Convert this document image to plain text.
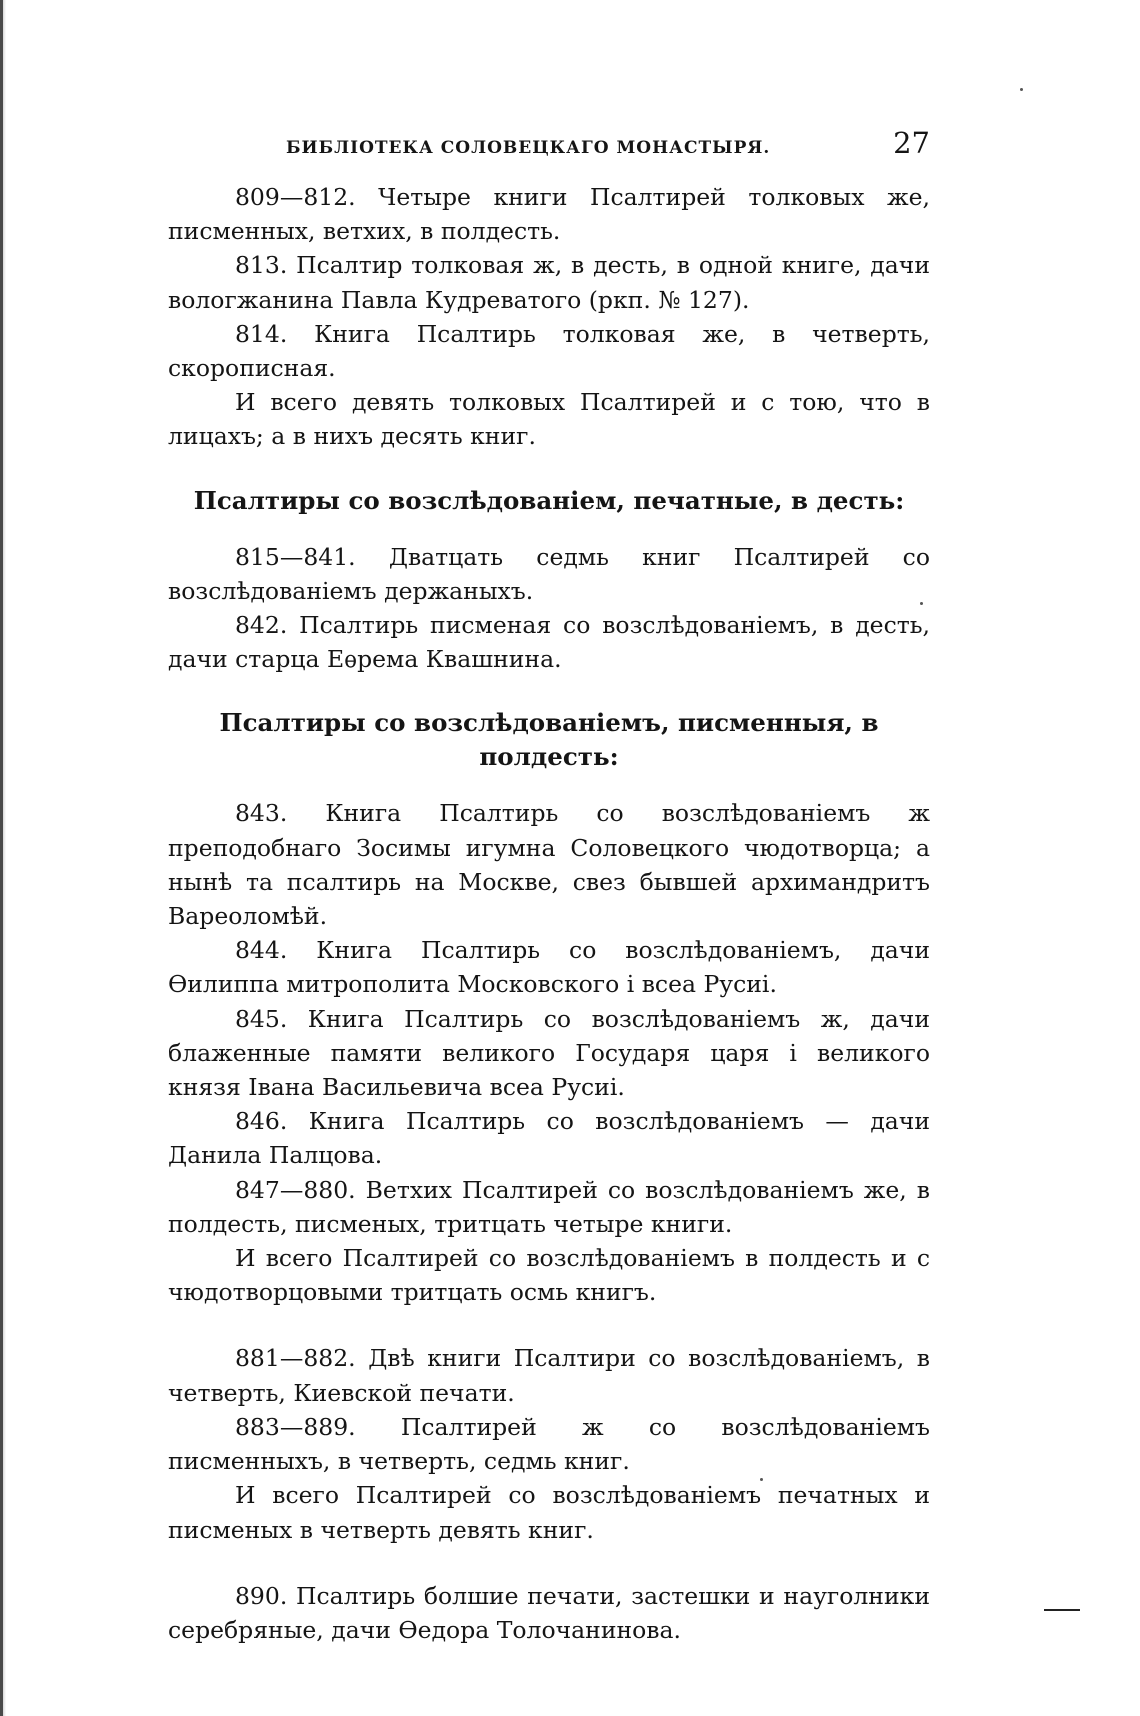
БИБЛІОТЕКА СОЛОВЕЦКАГО МОНАСТЫРЯ.	27

809—812. Четыре книги Псалтирей толковых же, писменных, ветхих, в полдесть.

813. Псалтир толковая ж, в десть, в одной книге, дачи вологжанина Павла Кудреватого (ркп. № 127).

814. Книга Псалтирь толковая же, в четверть, скорописная.

И всего девять толковых Псалтирей и с тою, что в лицахъ; а в нихъ десять книг.

Псалтиры со возслѣдованіем, печатные, в десть:

815—841. Дватцать седмь книг Псалтирей со возслѣдованіемъ держаныхъ.

842. Псалтирь писменая со возслѣдованіемъ, в десть, дачи старца Еѳрема Квашнина.

Псалтиры со возслѣдованіемъ, писменныя, в полдесть:

843. Книга Псалтирь со возслѣдованіемъ ж преподобнаго Зосимы игумна Соловецкого чюдотворца; а нынѣ та псалтирь на Москве, свез бывшей архимандритъ Вареоломѣй.

844. Книга Псалтирь со возслѣдованіемъ, дачи Ѳилиппа митрополита Московского і всеа Русиі.

845. Книга Псалтирь со возслѣдованіемъ ж, дачи блаженные памяти великого Государя царя і великого князя Івана Васильевича всеа Русиі.

846. Книга Псалтирь со возслѣдованіемъ — дачи Данила Палцова.

847—880. Ветхих Псалтирей со возслѣдованіемъ же, в полдесть, писменых, тритцать четыре книги.

И всего Псалтирей со возслѣдованіемъ в полдесть и с чюдотворцовыми тритцать осмь книгъ.

881—882. Двѣ книги Псалтири со возслѣдованіемъ, в четверть, Киевской печати.

883—889. Псалтирей ж со возслѣдованіемъ писменныхъ, в четверть, седмь книг.

И всего Псалтирей со возслѣдованіемъ печатных и писменых в четверть девять книг.

890. Псалтирь болшие печати, застешки и науголники серебряные, дачи Ѳедора Толочанинова.
